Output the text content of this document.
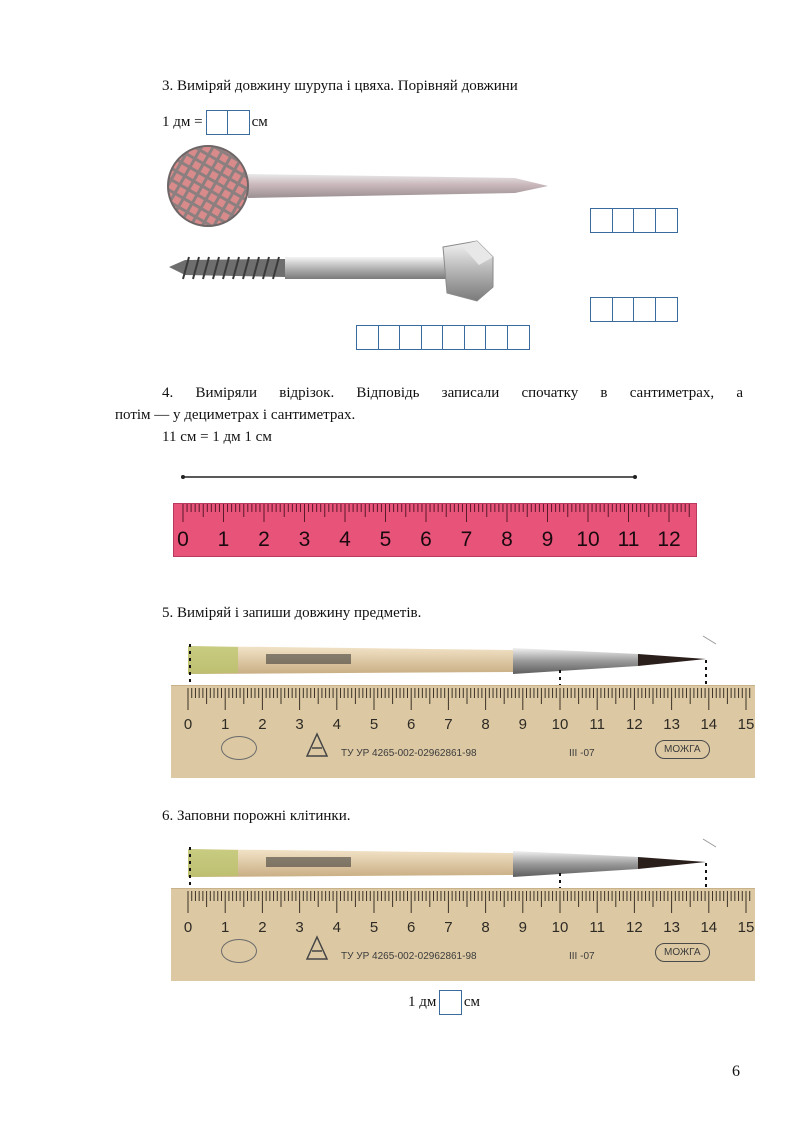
3. Виміряй довжину шурупа і цвяха. Порівняй довжини
1 дм =	см
4. Виміряли відрізок. Відповідь записали спочатку в сантиметрах, а
потім — у дециметрах і сантиметрах.
11 см = 1 дм 1 см
0 1 2 3 4 5 6 7 8 9 10 11 12
5. Виміряй і запиши довжину предметів.
0 1 2 3 4 5 6 7 8 9 10 11 12 13 14 15
ТУ УР 4265-002-02962861-98	III -07	МОЖГА
6. Заповни порожні клітинки.
0 1 2 3 4 5 6 7 8 9 10 11 12 13 14 15
ТУ УР 4265-002-02962861-98	III -07	МОЖГА
1 дм см
6
